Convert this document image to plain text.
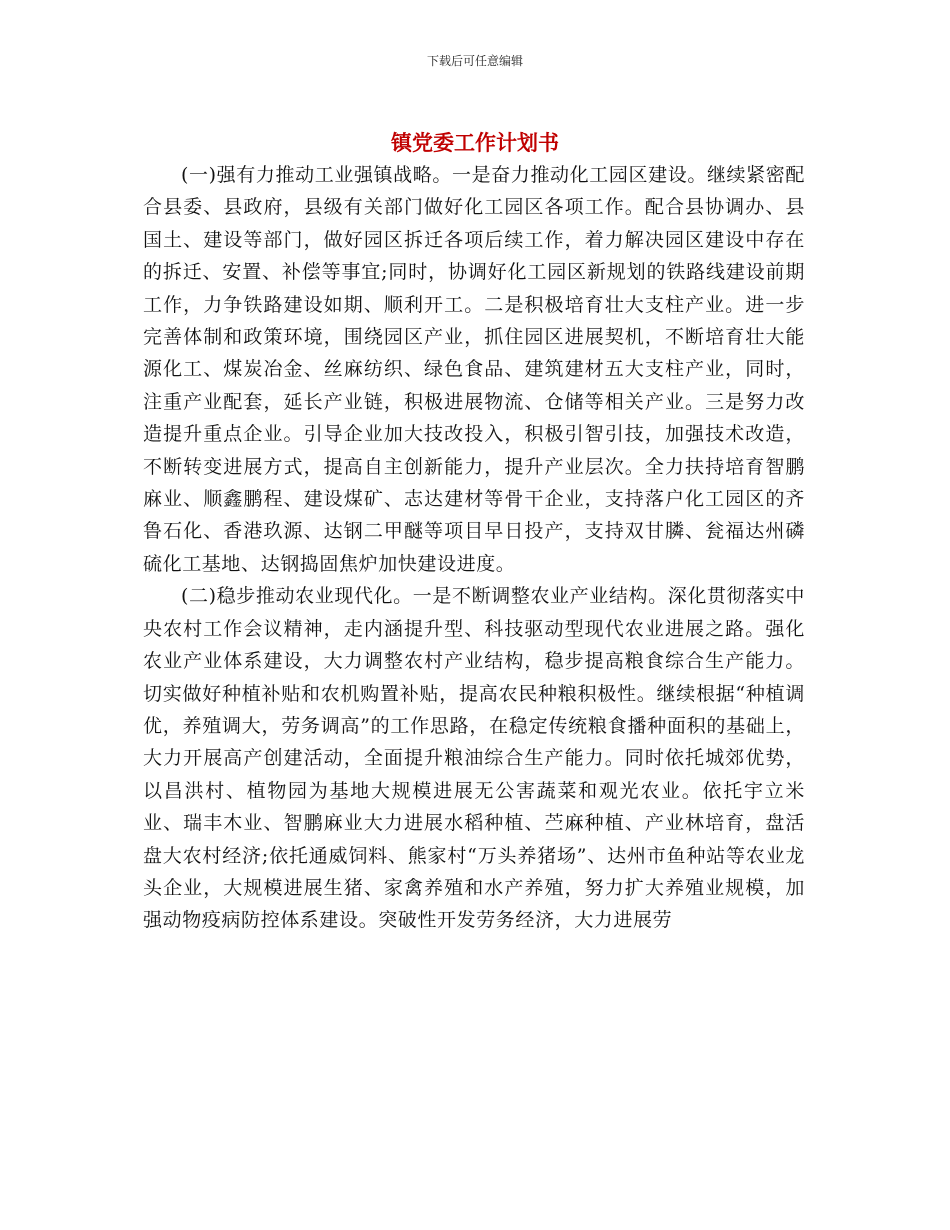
下载后可任意编辑
镇党委工作计划书

(一)强有力推动工业强镇战略。一是奋力推动化工园区建设。继续紧密配合县委、县政府，县级有关部门做好化工园区各项工作。配合县协调办、县国土、建设等部门，做好园区拆迁各项后续工作，着力解决园区建设中存在的拆迁、安置、补偿等事宜;同时，协调好化工园区新规划的铁路线建设前期工作，力争铁路建设如期、顺利开工。二是积极培育壮大支柱产业。进一步完善体制和政策环境，围绕园区产业，抓住园区进展契机，不断培育壮大能源化工、煤炭冶金、丝麻纺织、绿色食品、建筑建材五大支柱产业，同时，注重产业配套，延长产业链，积极进展物流、仓储等相关产业。三是努力改造提升重点企业。引导企业加大技改投入，积极引智引技，加强技术改造，不断转变进展方式，提高自主创新能力，提升产业层次。全力扶持培育智鹏麻业、顺鑫鹏程、建设煤矿、志达建材等骨干企业，支持落户化工园区的齐鲁石化、香港玖源、达钢二甲醚等项目早日投产，支持双甘膦、瓮福达州磷硫化工基地、达钢捣固焦炉加快建设进度。

(二)稳步推动农业现代化。一是不断调整农业产业结构。深化贯彻落实中央农村工作会议精神，走内涵提升型、科技驱动型现代农业进展之路。强化农业产业体系建设，大力调整农村产业结构，稳步提高粮食综合生产能力。切实做好种植补贴和农机购置补贴，提高农民种粮积极性。继续根据“种植调优，养殖调大，劳务调高”的工作思路，在稳定传统粮食播种面积的基础上，大力开展高产创建活动，全面提升粮油综合生产能力。同时依托城郊优势，以昌洪村、植物园为基地大规模进展无公害蔬菜和观光农业。依托宇立米业、瑞丰木业、智鹏麻业大力进展水稻种植、苎麻种植、产业林培育，盘活盘大农村经济;依托通威饲料、熊家村“万头养猪场”、达州市鱼种站等农业龙头企业，大规模进展生猪、家禽养殖和水产养殖，努力扩大养殖业规模，加强动物疫病防控体系建设。突破性开发劳务经济，大力进展劳
